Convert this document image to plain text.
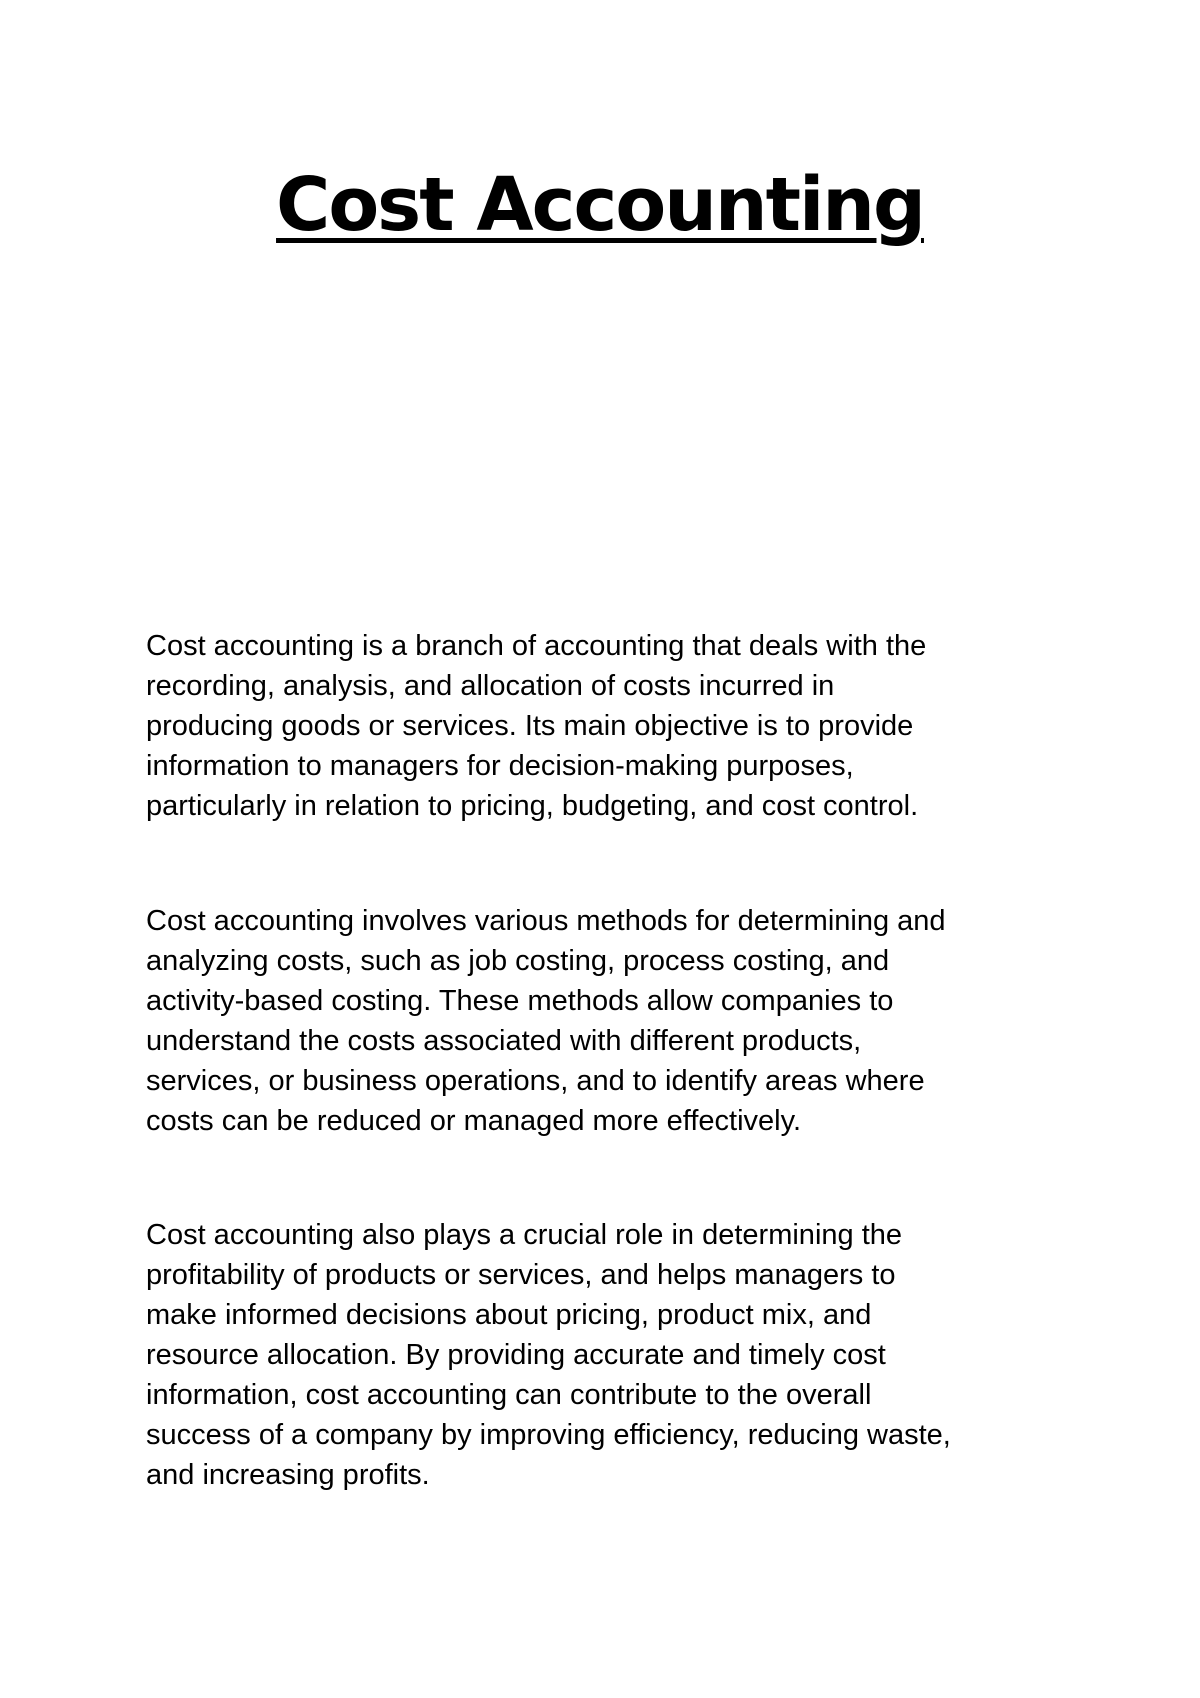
Cost Accounting

Cost accounting is a branch of accounting that deals with the
recording, analysis, and allocation of costs incurred in
producing goods or services. Its main objective is to provide
information to managers for decision-making purposes,
particularly in relation to pricing, budgeting, and cost control.

Cost accounting involves various methods for determining and
analyzing costs, such as job costing, process costing, and
activity-based costing. These methods allow companies to
understand the costs associated with different products,
services, or business operations, and to identify areas where
costs can be reduced or managed more effectively.

Cost accounting also plays a crucial role in determining the
profitability of products or services, and helps managers to
make informed decisions about pricing, product mix, and
resource allocation. By providing accurate and timely cost
information, cost accounting can contribute to the overall
success of a company by improving efficiency, reducing waste,
and increasing profits.
